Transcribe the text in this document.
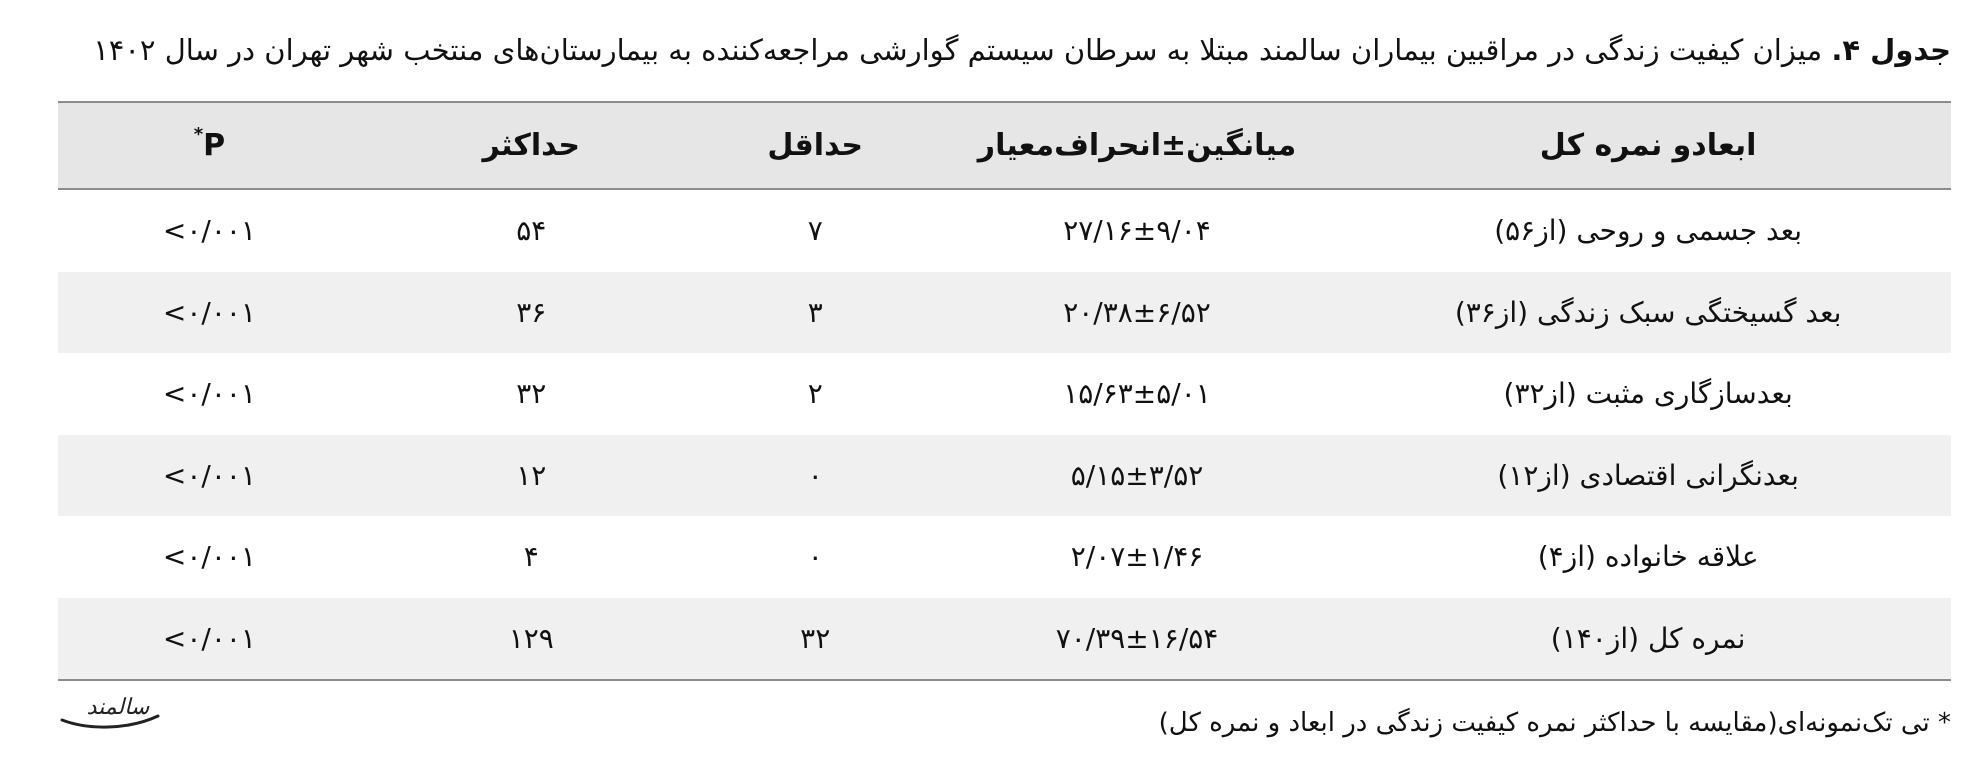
جدول ۴. میزان کیفیت زندگی در مراقبین بیماران سالمند مبتلا به سرطان سیستم گوارشی مراجعه‌کننده به بیمارستان‌های منتخب شهر تهران در سال ۱۴۰۲
ابعادو نمره کل	میانگین±انحراف‌معیار	حداقل	حداکثر	P*
بعد جسمی و روحی (از۵۶)	۲۷/۱۶±۹/۰۴	۷	۵۴	<۰/۰۰۱
بعد گسیختگی سبک زندگی (از۳۶)	۲۰/۳۸±۶/۵۲	۳	۳۶	<۰/۰۰۱
بعدسازگاری مثبت (از۳۲)	۱۵/۶۳±۵/۰۱	۲	۳۲	<۰/۰۰۱
بعدنگرانی اقتصادی (از۱۲)	۵/۱۵±۳/۵۲	۰	۱۲	<۰/۰۰۱
علاقه خانواده (از۴)	۲/۰۷±۱/۴۶	۰	۴	<۰/۰۰۱
نمره کل (از۱۴۰)	۷۰/۳۹±۱۶/۵۴	۳۲	۱۲۹	<۰/۰۰۱
* تی تک‌نمونه‌ای(مقایسه با حداکثر نمره کیفیت زندگی در ابعاد و نمره کل)
سالمند
